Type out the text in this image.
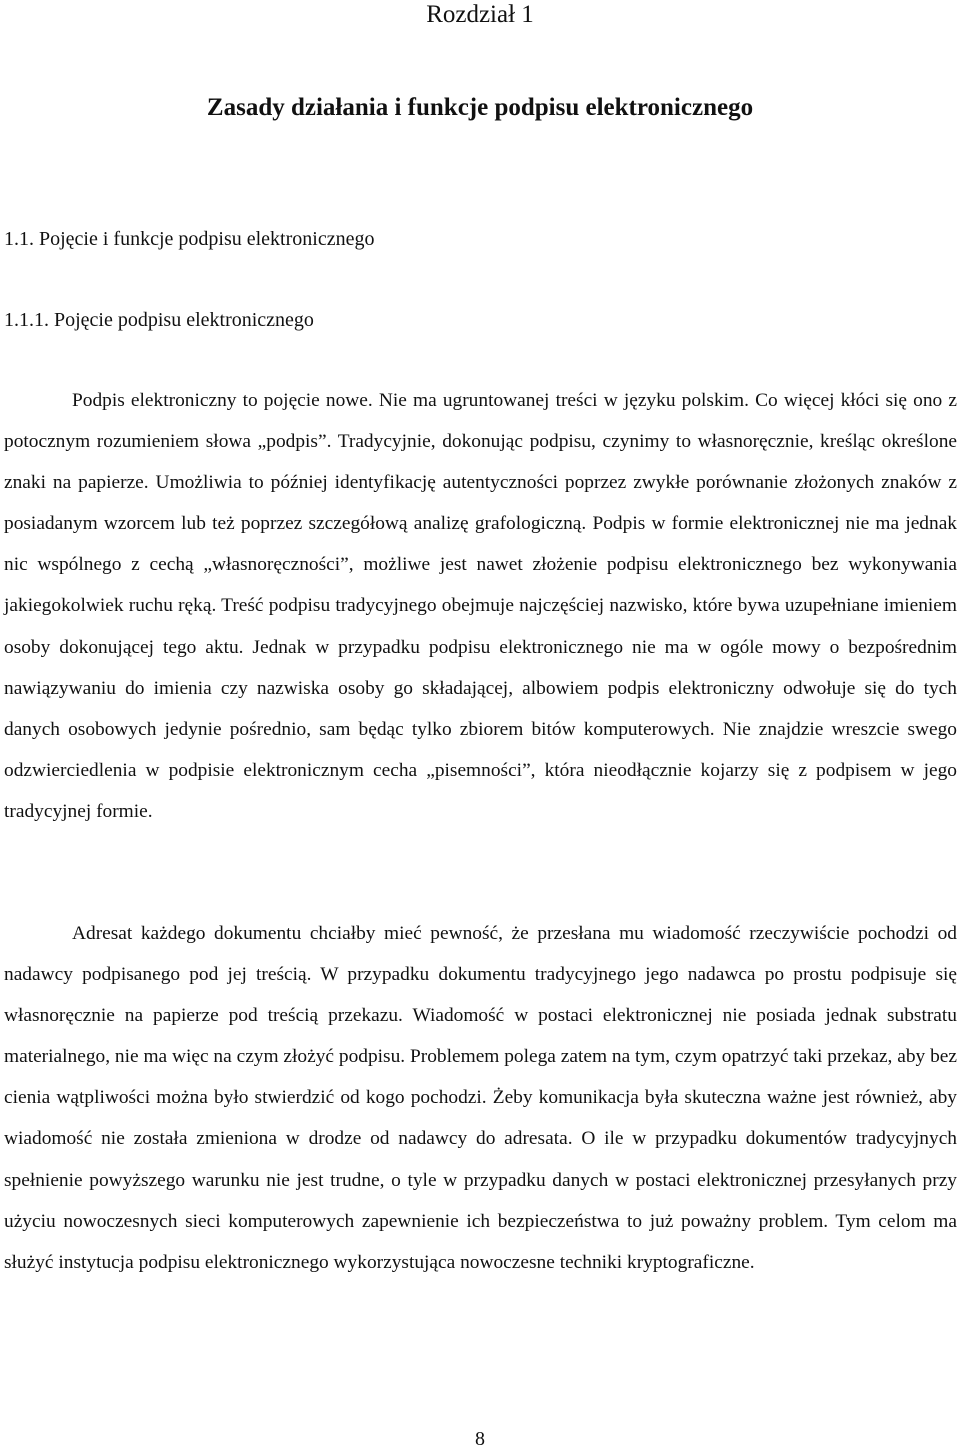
Rozdział 1
Zasady działania i funkcje podpisu elektronicznego
1.1. Pojęcie i funkcje podpisu elektronicznego
1.1.1. Pojęcie podpisu elektronicznego

Podpis elektroniczny to pojęcie nowe. Nie ma ugruntowanej treści w języku polskim. Co więcej kłóci się ono z potocznym rozumieniem słowa „podpis”. Tradycyjnie, dokonując podpisu, czynimy to własnoręcznie, kreśląc określone znaki na papierze. Umożliwia to później identyfikację autentyczności poprzez zwykłe porównanie złożonych znaków z posiadanym wzorcem lub też poprzez szczegółową analizę grafologiczną. Podpis w formie elektronicznej nie ma jednak nic wspólnego z cechą „własnoręczności”, możliwe jest nawet złożenie podpisu elektronicznego bez wykonywania jakiegokolwiek ruchu ręką. Treść podpisu tradycyjnego obejmuje najczęściej nazwisko, które bywa uzupełniane imieniem osoby dokonującej tego aktu. Jednak w przypadku podpisu elektronicznego nie ma w ogóle mowy o bezpośrednim nawiązywaniu do imienia czy nazwiska osoby go składającej, albowiem podpis elektroniczny odwołuje się do tych danych osobowych jedynie pośrednio, sam będąc tylko zbiorem bitów komputerowych. Nie znajdzie wreszcie swego odzwierciedlenia w podpisie elektronicznym cecha „pisemności”, która nieodłącznie kojarzy się z podpisem w jego tradycyjnej formie.

Adresat każdego dokumentu chciałby mieć pewność, że przesłana mu wiadomość rzeczywiście pochodzi od nadawcy podpisanego pod jej treścią. W przypadku dokumentu tradycyjnego jego nadawca po prostu podpisuje się własnoręcznie na papierze pod treścią przekazu. Wiadomość w postaci elektronicznej nie posiada jednak substratu materialnego, nie ma więc na czym złożyć podpisu. Problemem polega zatem na tym, czym opatrzyć taki przekaz, aby bez cienia wątpliwości można było stwierdzić od kogo pochodzi. Żeby komunikacja była skuteczna ważne jest również, aby wiadomość nie została zmieniona w drodze od nadawcy do adresata. O ile w przypadku dokumentów tradycyjnych spełnienie powyższego warunku nie jest trudne, o tyle w przypadku danych w postaci elektronicznej przesyłanych przy użyciu nowoczesnych sieci komputerowych zapewnienie ich bezpieczeństwa to już poważny problem. Tym celom ma służyć instytucja podpisu elektronicznego wykorzystująca nowoczesne techniki kryptograficzne.

8
